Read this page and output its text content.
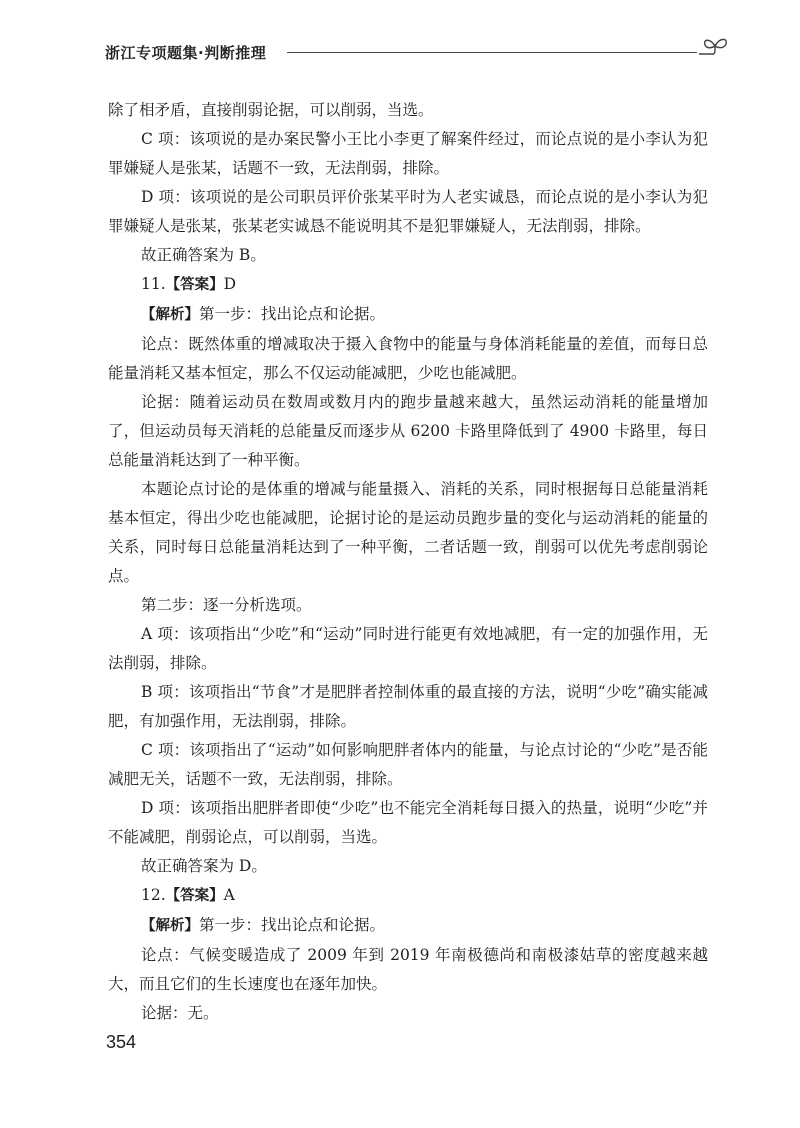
浙江专项题集·判断推理

除了相矛盾，直接削弱论据，可以削弱，当选。

C 项：该项说的是办案民警小王比小李更了解案件经过，而论点说的是小李认为犯罪嫌疑人是张某，话题不一致，无法削弱，排除。

D 项：该项说的是公司职员评价张某平时为人老实诚恳，而论点说的是小李认为犯罪嫌疑人是张某，张某老实诚恳不能说明其不是犯罪嫌疑人，无法削弱，排除。

故正确答案为 B。

11.【答案】D

【解析】第一步：找出论点和论据。

论点：既然体重的增减取决于摄入食物中的能量与身体消耗能量的差值，而每日总能量消耗又基本恒定，那么不仅运动能减肥，少吃也能减肥。

论据：随着运动员在数周或数月内的跑步量越来越大，虽然运动消耗的能量增加了，但运动员每天消耗的总能量反而逐步从 6200 卡路里降低到了 4900 卡路里，每日总能量消耗达到了一种平衡。

本题论点讨论的是体重的增减与能量摄入、消耗的关系，同时根据每日总能量消耗基本恒定，得出少吃也能减肥，论据讨论的是运动员跑步量的变化与运动消耗的能量的关系，同时每日总能量消耗达到了一种平衡，二者话题一致，削弱可以优先考虑削弱论点。

第二步：逐一分析选项。

A 项：该项指出“少吃”和“运动”同时进行能更有效地减肥，有一定的加强作用，无法削弱，排除。

B 项：该项指出“节食”才是肥胖者控制体重的最直接的方法，说明“少吃”确实能减肥，有加强作用，无法削弱，排除。

C 项：该项指出了“运动”如何影响肥胖者体内的能量，与论点讨论的“少吃”是否能减肥无关，话题不一致，无法削弱，排除。

D 项：该项指出肥胖者即使“少吃”也不能完全消耗每日摄入的热量，说明“少吃”并不能减肥，削弱论点，可以削弱，当选。

故正确答案为 D。

12.【答案】A

【解析】第一步：找出论点和论据。

论点：气候变暖造成了 2009 年到 2019 年南极德尚和南极漆姑草的密度越来越大，而且它们的生长速度也在逐年加快。

论据：无。

354
